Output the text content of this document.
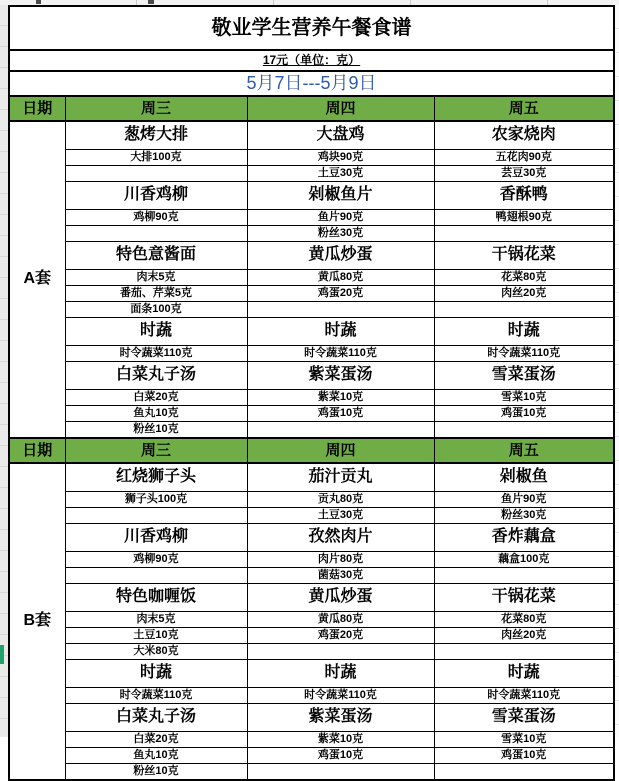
敬业学生营养午餐食谱			
17元（单位：克）			
5月7日---5月9日			
日期	周三	周四	周五
A套	葱烤大排	大盘鸡	农家烧肉
	大排100克	鸡块90克	五花肉90克
		土豆30克	芸豆30克
	川香鸡柳	剁椒鱼片	香酥鸭
	鸡柳90克	鱼片90克	鸭翅根90克
		粉丝30克	
	特色意酱面	黄瓜炒蛋	干锅花菜
	肉末5克	黄瓜80克	花菜80克
	番茄、芹菜5克	鸡蛋20克	肉丝20克
	面条100克		
	时蔬	时蔬	时蔬
	时令蔬菜110克	时令蔬菜110克	时令蔬菜110克
	白菜丸子汤	紫菜蛋汤	雪菜蛋汤
	白菜20克	紫菜10克	雪菜10克
	鱼丸10克	鸡蛋10克	鸡蛋10克
	粉丝10克		
日期	周三	周四	周五
B套	红烧狮子头	茄汁贡丸	剁椒鱼
	狮子头100克	贡丸80克	鱼片90克
		土豆30克	粉丝30克
	川香鸡柳	孜然肉片	香炸藕盒
	鸡柳90克	肉片80克	藕盒100克
		菌菇30克	
	特色咖喱饭	黄瓜炒蛋	干锅花菜
	肉末5克	黄瓜80克	花菜80克
	土豆10克	鸡蛋20克	肉丝20克
	大米80克		
	时蔬	时蔬	时蔬
	时令蔬菜110克	时令蔬菜110克	时令蔬菜110克
	白菜丸子汤	紫菜蛋汤	雪菜蛋汤
	白菜20克	紫菜10克	雪菜10克
	鱼丸10克	鸡蛋10克	鸡蛋10克
	粉丝10克		
